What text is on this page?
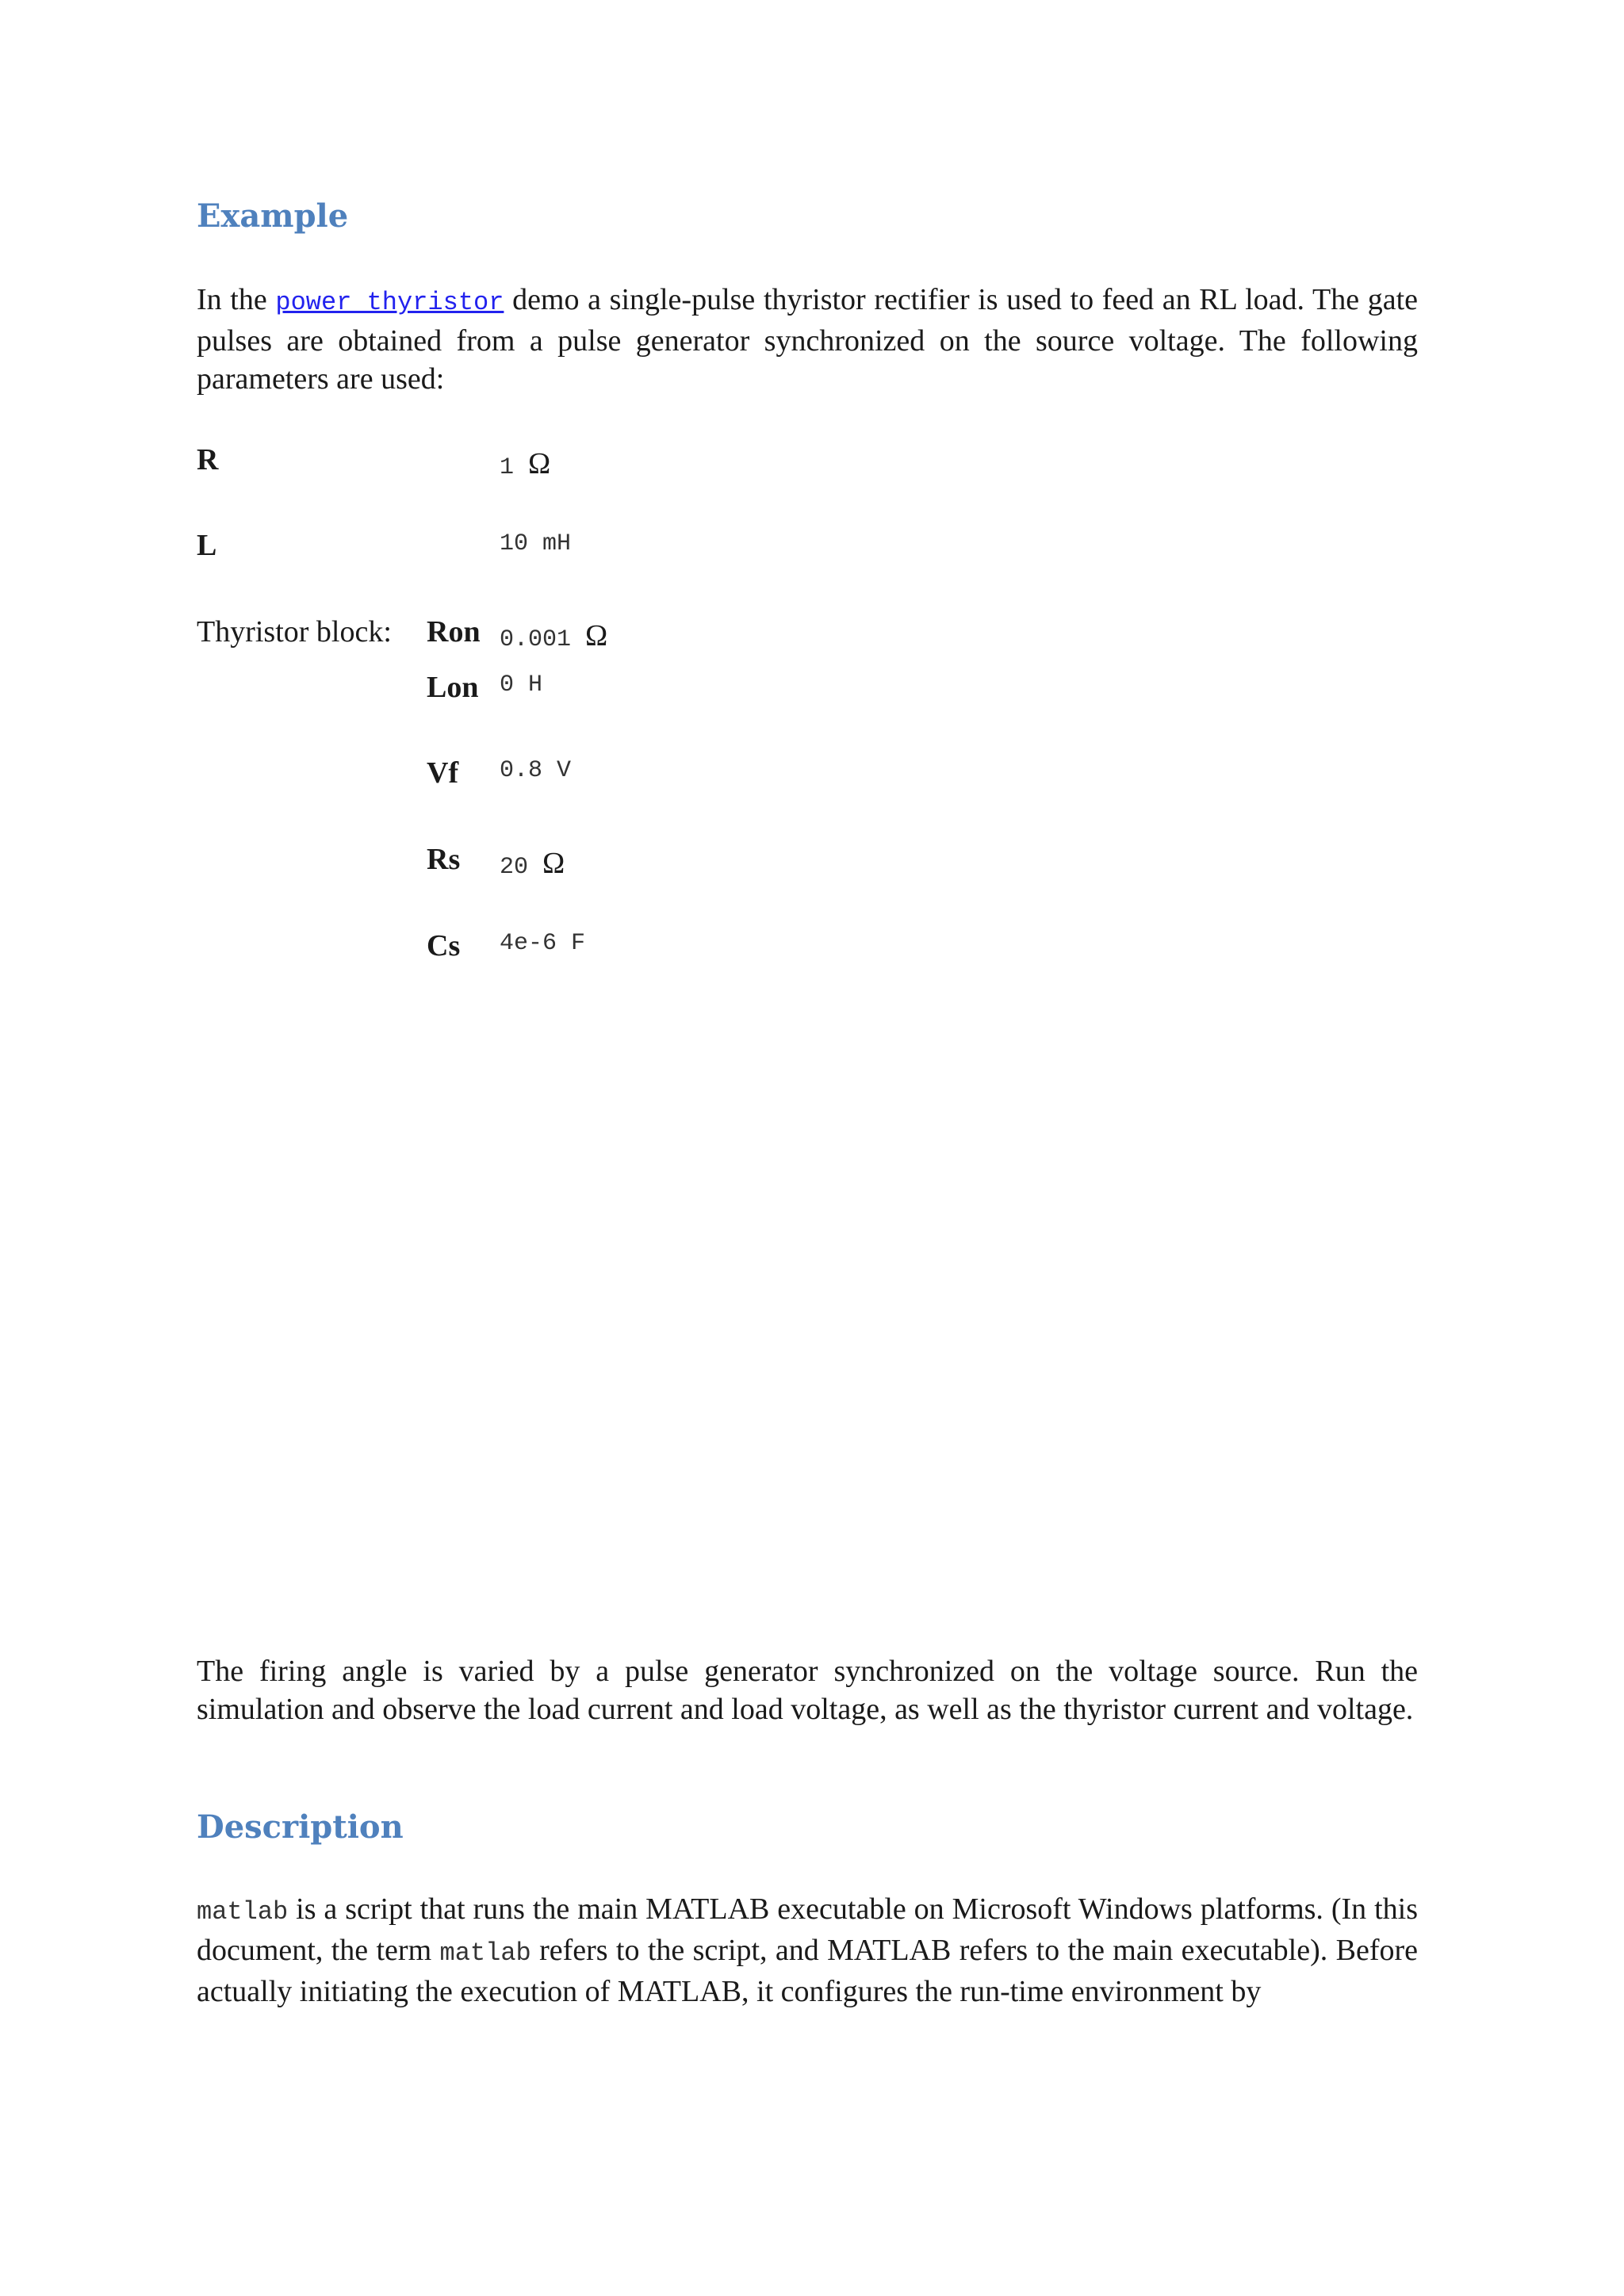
Example

In the power_thyristor demo a single-pulse thyristor rectifier is used to feed an RL load. The gate pulses are obtained from a pulse generator synchronized on the source voltage. The following parameters are used:

R	1 Ω
L	10 mH
Thyristor block: Ron 0.001 Ω
Lon 0 H
Vf 0.8 V
Rs 20 Ω
Cs 4e-6 F

The firing angle is varied by a pulse generator synchronized on the voltage source. Run the simulation and observe the load current and load voltage, as well as the thyristor current and voltage.

Description

matlab is a script that runs the main MATLAB executable on Microsoft Windows platforms. (In this document, the term matlab refers to the script, and MATLAB refers to the main executable). Before actually initiating the execution of MATLAB, it configures the run-time environment by
